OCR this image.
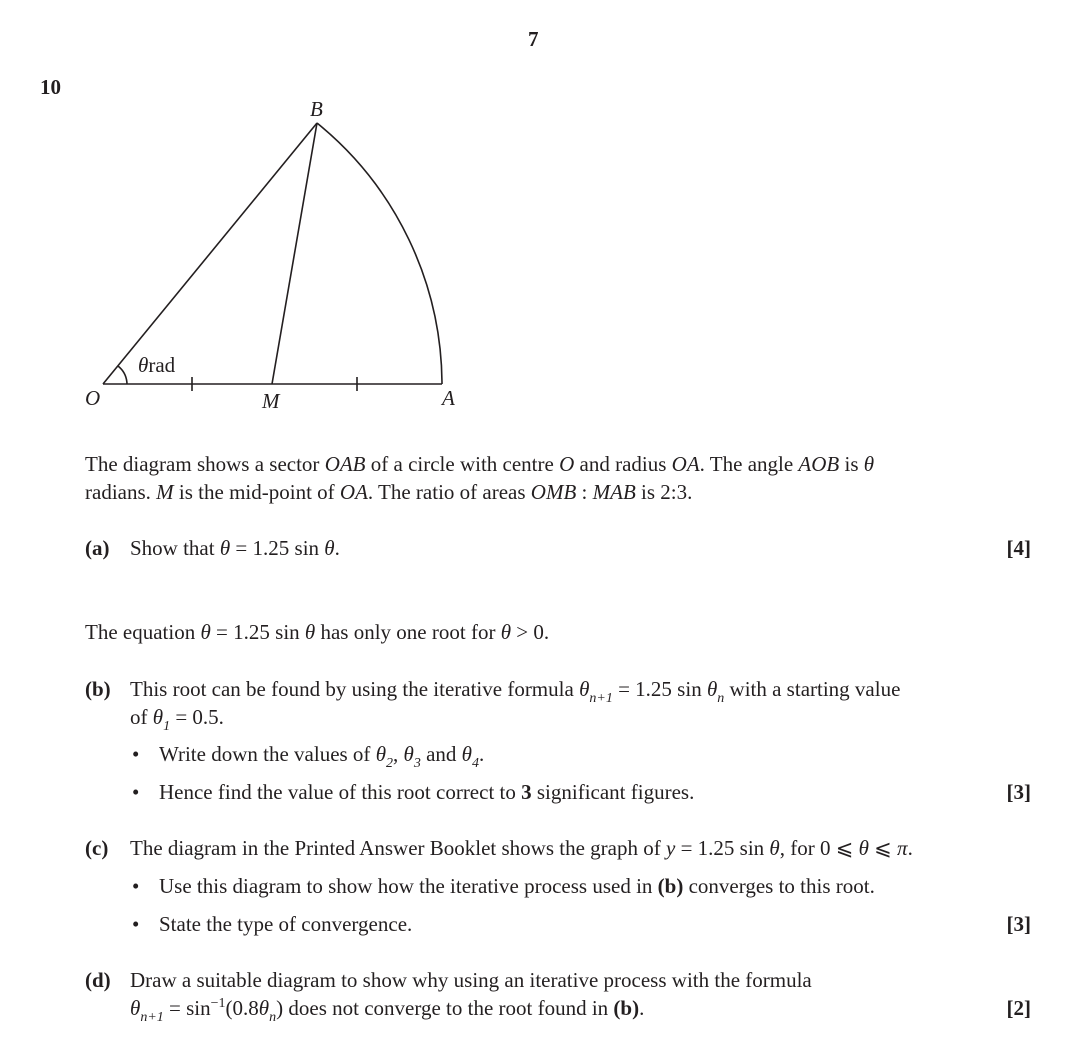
7
10
B
O	M	A
θrad
The diagram shows a sector OAB of a circle with centre O and radius OA. The angle AOB is θ
radians. M is the mid-point of OA. The ratio of areas OMB : MAB is 2:3.
(a) Show that θ = 1.25 sin θ.	[4]
The equation θ = 1.25 sin θ has only one root for θ > 0.
(b) This root can be found by using the iterative formula $\theta_{n+1} = 1.25$ $\sin \theta_n$ with a starting value
of $\theta_1 = 0.5$.
• Write down the values of $\theta_2$, $\theta_3$ and $\theta_4$.
• Hence find the value of this root correct to 3 significant figures.	[3]
(c) The diagram in the Printed Answer Booklet shows the graph of y = 1.25 sin θ, for 0 ⩽ θ ⩽ π.
• Use this diagram to show how the iterative process used in (b) converges to this root.
• State the type of convergence.	[3]
(d) Draw a suitable diagram to show why using an iterative process with the formula
$\theta_{n+1} = \sin^{-1}(0.8\theta_n)$ does not converge to the root found in (b).	[2]
